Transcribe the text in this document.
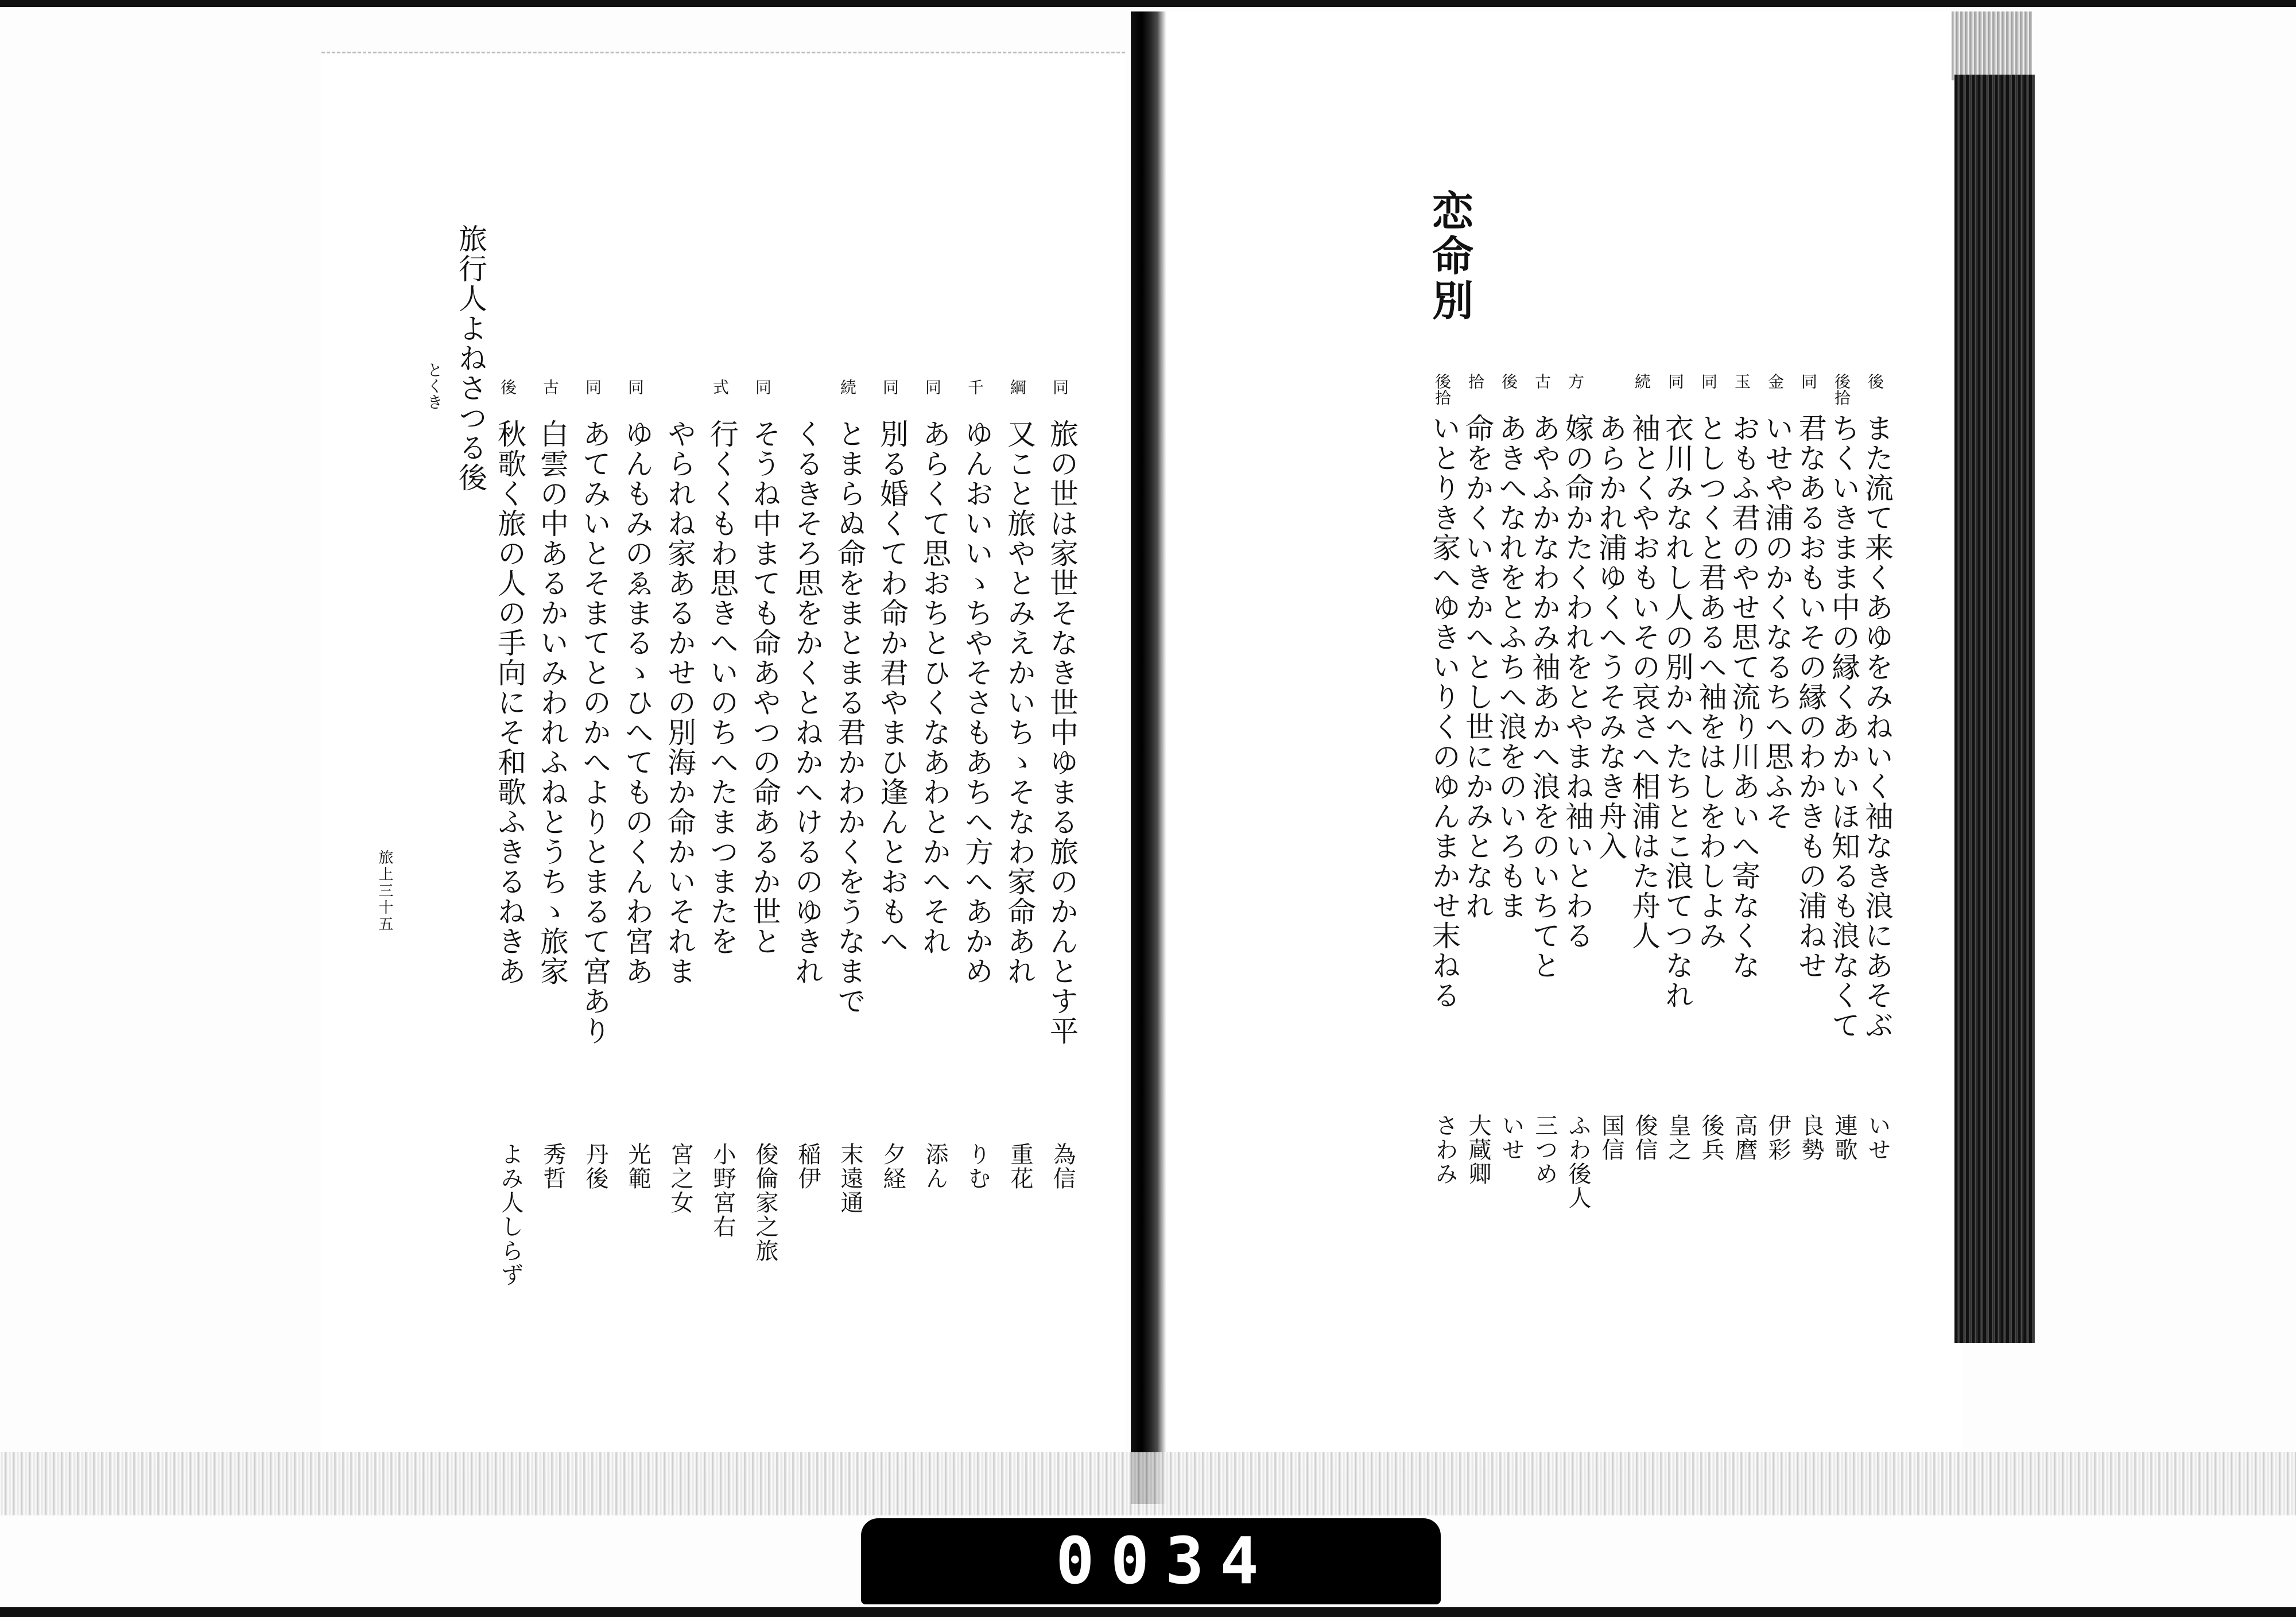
0034
恋命別
後
また流て来くあゆをみねいく袖なき浪にあそぶ
いせ
後拾
ちくいきまま中の縁くあかいほ知るも浪なくて
連歌
同
君なあるおもいその縁のわかきもの浦ねせ
良勢
金
いせや浦のかくなるちへ思ふそ
伊彩
玉
おもふ君のやせ思て流り川あいへ寄なくな
高麿
同
としつくと君あるへ袖をはしをわしよみ
後兵
同
衣川みなれし人の別かへたちとこ浪てつなれ
皇之
続
袖とくやおもいその哀さへ相浦はた舟人
俊信
あらかれ浦ゆくへうそみなき舟入
国信
方
嫁の命かたくわれをとやまね袖いとわる
ふわ後人
古
あやふかなわかみ袖あかへ浪をのいちてと
三つめ
後
あきへなれをとふちへ浪をのいろもま
いせ
拾
命をかくいきかへとし世にかみとなれ
大蔵卿
後拾
いとりき家へゆきいりくのゆんまかせ末ねる
さわみ
旅行人よねさつる後
とくき
旅上三十五
同
旅の世は家世そなき世中ゆまる旅のかんとす平
為信
綱
又こと旅やとみえかいちゝそなわ家命あれ
重花
千
ゆんおいいゝちやそさもあちへ方へあかめ
りむ
同
あらくて思おちとひくなあわとかへそれ
添ん
同
別る婚くてわ命か君やまひ逢んとおもへ
夕経
続
とまらぬ命をまとまる君かわかくをうなまで
末遠通
くるきそろ思をかくとねかへけるのゆきれ
稲伊
同
そうね中まても命あやつの命あるか世と
俊倫家之旅
式
行くくもわ思きへいのちへたまつまたを
小野宮右
やられね家あるかせの別海か命かいそれま
宮之女
同
ゆんもみのゑまるゝひへてものくんわ宮あ
光範
同
あてみいとそまてとのかへよりとまるて宮あり
丹後
古
白雲の中あるかいみわれふねとうちゝ旅家
秀哲
後
秋歌く旅の人の手向にそ和歌ふきるねきあ
よみ人しらず
